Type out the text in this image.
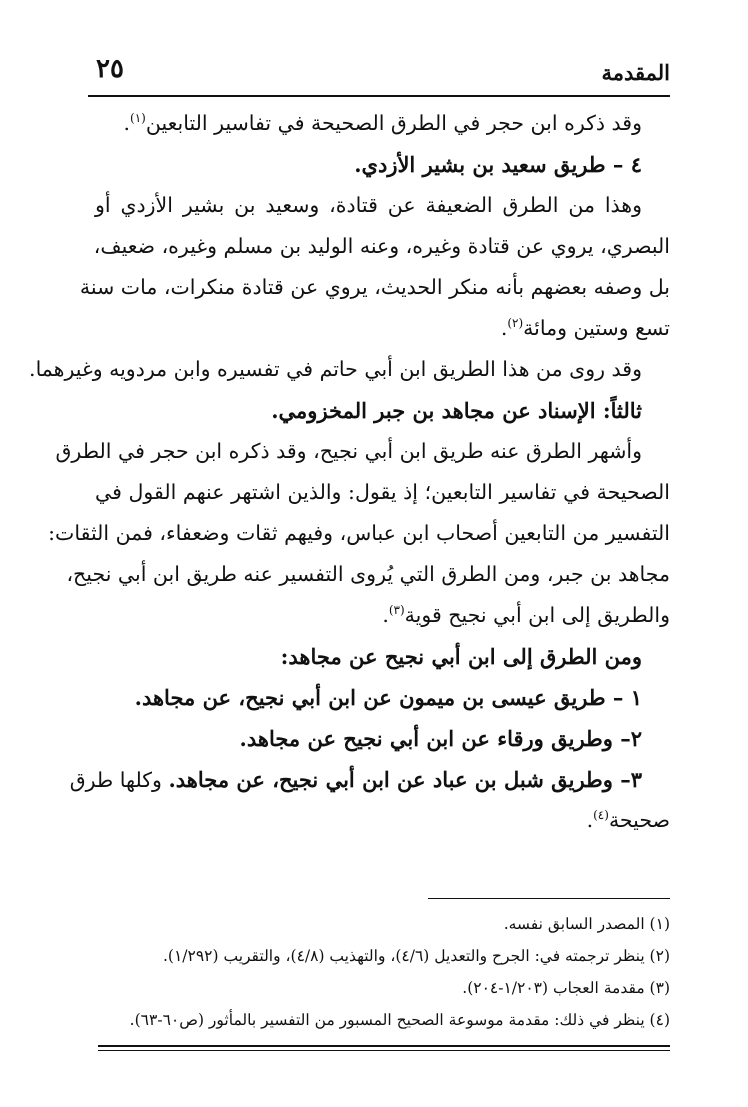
٢٥	المقدمة
وقد ذكره ابن حجر في الطرق الصحيحة في تفاسير التابعين$^{(١)}$.
٤ – طريق سعيد بن بشير الأزدي.
وهذا من الطرق الضعيفة عن قتادة، وسعيد بن بشير الأزدي أو
البصري، يروي عن قتادة وغيره، وعنه الوليد بن مسلم وغيره، ضعيف،
بل وصفه بعضهم بأنه منكر الحديث، يروي عن قتادة منكرات، مات سنة
تسع وستين ومائة$^{(٢)}$.
وقد روى من هذا الطريق ابن أبي حاتم في تفسيره وابن مردويه وغيرهما.
ثالثاً: الإسناد عن مجاهد بن جبر المخزومي.
وأشهر الطرق عنه طريق ابن أبي نجيح، وقد ذكره ابن حجر في الطرق
الصحيحة في تفاسير التابعين؛ إذ يقول: والذين اشتهر عنهم القول في
التفسير من التابعين أصحاب ابن عباس، وفيهم ثقات وضعفاء، فمن الثقات:
مجاهد بن جبر، ومن الطرق التي يُروى التفسير عنه طريق ابن أبي نجيح،
والطريق إلى ابن أبي نجيح قوية$^{(٣)}$.
ومن الطرق إلى ابن أبي نجيح عن مجاهد:
١ – طريق عيسى بن ميمون عن ابن أبي نجيح، عن مجاهد.
٢– وطريق ورقاء عن ابن أبي نجيح عن مجاهد.
٣– وطريق شبل بن عباد عن ابن أبي نجيح، عن مجاهد. وكلها طرق
صحيحة$^{(٤)}$.
(١) المصدر السابق نفسه.
(٢) ينظر ترجمته في: الجرح والتعديل (٤/٦)، والتهذيب (٤/٨)، والتقريب (١/٢٩٢).
(٣) مقدمة العجاب (١/٢٠٣-٢٠٤).
(٤) ينظر في ذلك: مقدمة موسوعة الصحيح المسبور من التفسير بالمأثور (ص٦٠-٦٣).
